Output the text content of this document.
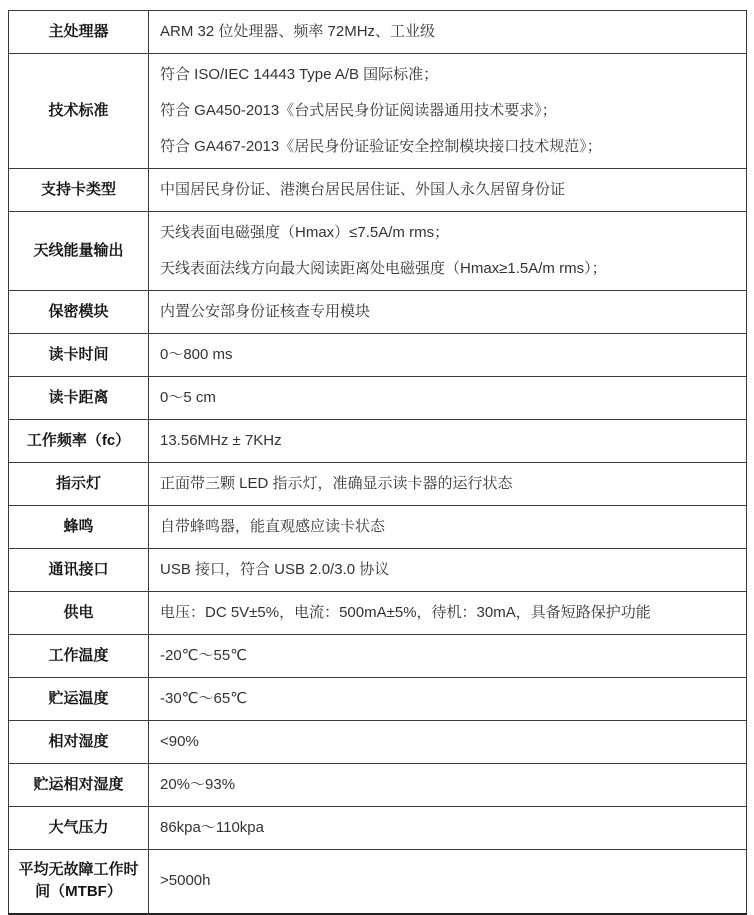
主处理器	ARM 32 位处理器、频率 72MHz、工业级

技术标准	符合 ISO/IEC 14443 Type A/B 国际标准；
符合 GA450-2013《台式居民身份证阅读器通用技术要求》；
符合 GA467-2013《居民身份证验证安全控制模块接口技术规范》；

支持卡类型	中国居民身份证、港澳台居民居住证、外国人永久居留身份证

天线能量输出	天线表面电磁强度（Hmax）≤7.5A/m rms；
天线表面法线方向最大阅读距离处电磁强度（Hmax≥1.5A/m rms）；

保密模块	内置公安部身份证核查专用模块

读卡时间	0～800 ms

读卡距离	0～5 cm

工作频率（fc）	13.56MHz ± 7KHz

指示灯	正面带三颗 LED 指示灯，准确显示读卡器的运行状态

蜂鸣	自带蜂鸣器，能直观感应读卡状态

通讯接口	USB 接口，符合 USB 2.0/3.0 协议

供电	电压：DC 5V±5%，电流：500mA±5%，待机：30mA，具备短路保护功能

工作温度	-20℃～55℃

贮运温度	-30℃～65℃

相对湿度	<90%

贮运相对湿度	20%～93%

大气压力	86kpa～110kpa

平均无故障工作时间（MTBF）	>5000h
